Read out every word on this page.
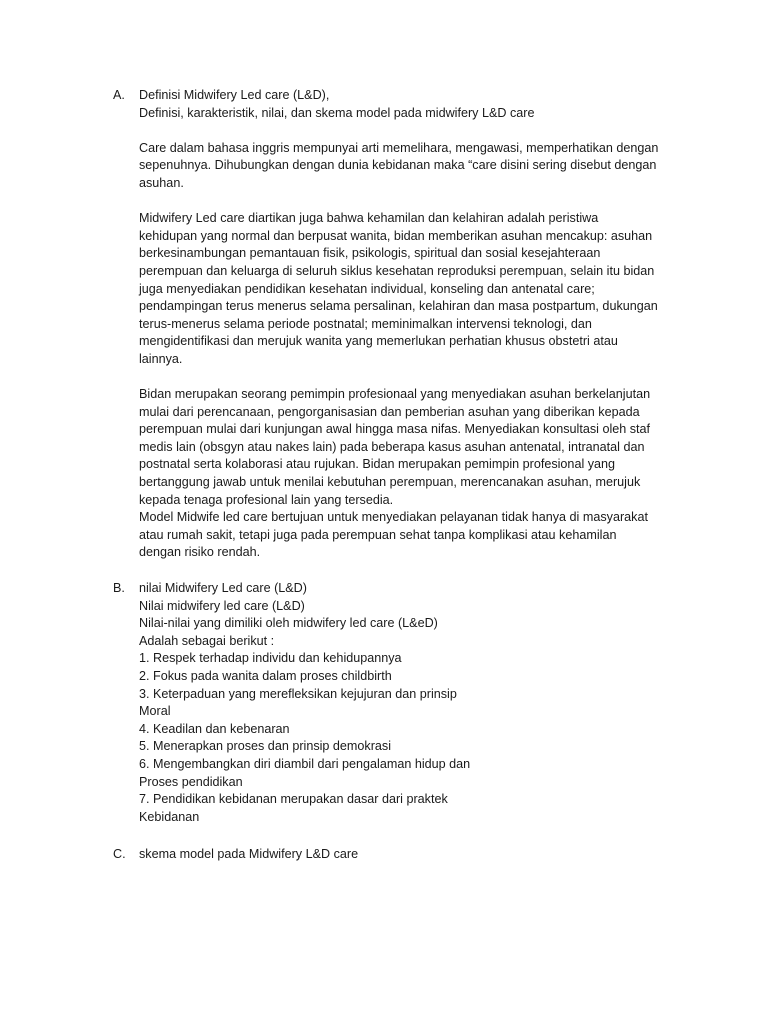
A.	Definisi Midwifery Led care (L&D),
Definisi, karakteristik, nilai, dan skema model pada midwifery L&D care
Care dalam bahasa inggris mempunyai arti memelihara, mengawasi, memperhatikan dengan
sepenuhnya. Dihubungkan dengan dunia kebidanan maka “care disini sering disebut dengan
asuhan.
Midwifery Led care diartikan juga bahwa kehamilan dan kelahiran adalah peristiwa
kehidupan yang normal dan berpusat wanita, bidan memberikan asuhan mencakup: asuhan
berkesinambungan pemantauan fisik, psikologis, spiritual dan sosial kesejahteraan
perempuan dan keluarga di seluruh siklus kesehatan reproduksi perempuan, selain itu bidan
juga menyediakan pendidikan kesehatan individual, konseling dan antenatal care;
pendampingan terus menerus selama persalinan, kelahiran dan masa postpartum, dukungan
terus-menerus selama periode postnatal; meminimalkan intervensi teknologi, dan
mengidentifikasi dan merujuk wanita yang memerlukan perhatian khusus obstetri atau
lainnya.
Bidan merupakan seorang pemimpin profesionaal yang menyediakan asuhan berkelanjutan
mulai dari perencanaan, pengorganisasian dan pemberian asuhan yang diberikan kepada
perempuan mulai dari kunjungan awal hingga masa nifas. Menyediakan konsultasi oleh staf
medis lain (obsgyn atau nakes lain) pada beberapa kasus asuhan antenatal, intranatal dan
postnatal serta kolaborasi atau rujukan. Bidan merupakan pemimpin profesional yang
bertanggung jawab untuk menilai kebutuhan perempuan, merencanakan asuhan, merujuk
kepada tenaga profesional lain yang tersedia.
Model Midwife led care bertujuan untuk menyediakan pelayanan tidak hanya di masyarakat
atau rumah sakit, tetapi juga pada perempuan sehat tanpa komplikasi atau kehamilan
dengan risiko rendah.
B.	nilai Midwifery Led care (L&D)
Nilai midwifery led care (L&D)
Nilai-nilai yang dimiliki oleh midwifery led care (L&eD)
Adalah sebagai berikut :
1. Respek terhadap individu dan kehidupannya
2. Fokus pada wanita dalam proses childbirth
3. Keterpaduan yang merefleksikan kejujuran dan prinsip
Moral
4. Keadilan dan kebenaran
5. Menerapkan proses dan prinsip demokrasi
6. Mengembangkan diri diambil dari pengalaman hidup dan
Proses pendidikan
7. Pendidikan kebidanan merupakan dasar dari praktek
Kebidanan
C.	skema model pada Midwifery L&D care
